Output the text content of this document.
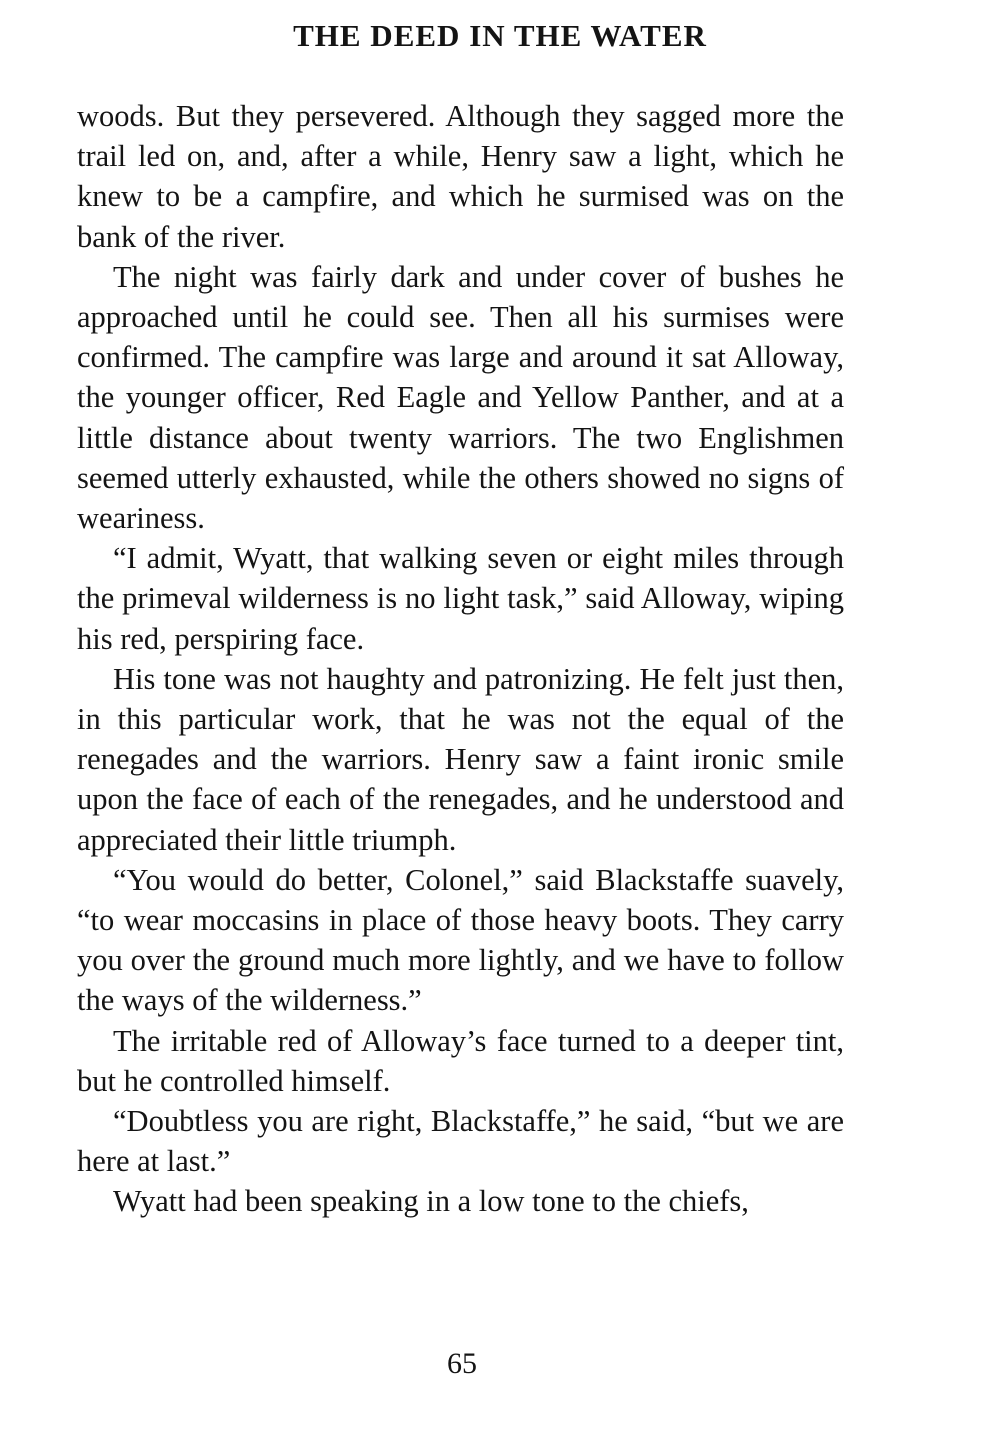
THE DEED IN THE WATER

woods. But they persevered. Although they sagged more the trail led on, and, after a while, Henry saw a light, which he knew to be a campfire, and which he surmised was on the bank of the river.

The night was fairly dark and under cover of bushes he approached until he could see. Then all his surmises were confirmed. The campfire was large and around it sat Alloway, the younger officer, Red Eagle and Yellow Panther, and at a little distance about twenty warriors. The two Englishmen seemed utterly exhausted, while the others showed no signs of weariness.

“I admit, Wyatt, that walking seven or eight miles through the primeval wilderness is no light task,” said Alloway, wiping his red, perspiring face.

His tone was not haughty and patronizing. He felt just then, in this particular work, that he was not the equal of the renegades and the warriors. Henry saw a faint ironic smile upon the face of each of the renegades, and he understood and appreciated their little triumph.

“You would do better, Colonel,” said Blackstaffe suavely, “to wear moccasins in place of those heavy boots. They carry you over the ground much more lightly, and we have to follow the ways of the wilderness.”

The irritable red of Alloway’s face turned to a deeper tint, but he controlled himself.

“Doubtless you are right, Blackstaffe,” he said, “but we are here at last.”

Wyatt had been speaking in a low tone to the chiefs,

65
